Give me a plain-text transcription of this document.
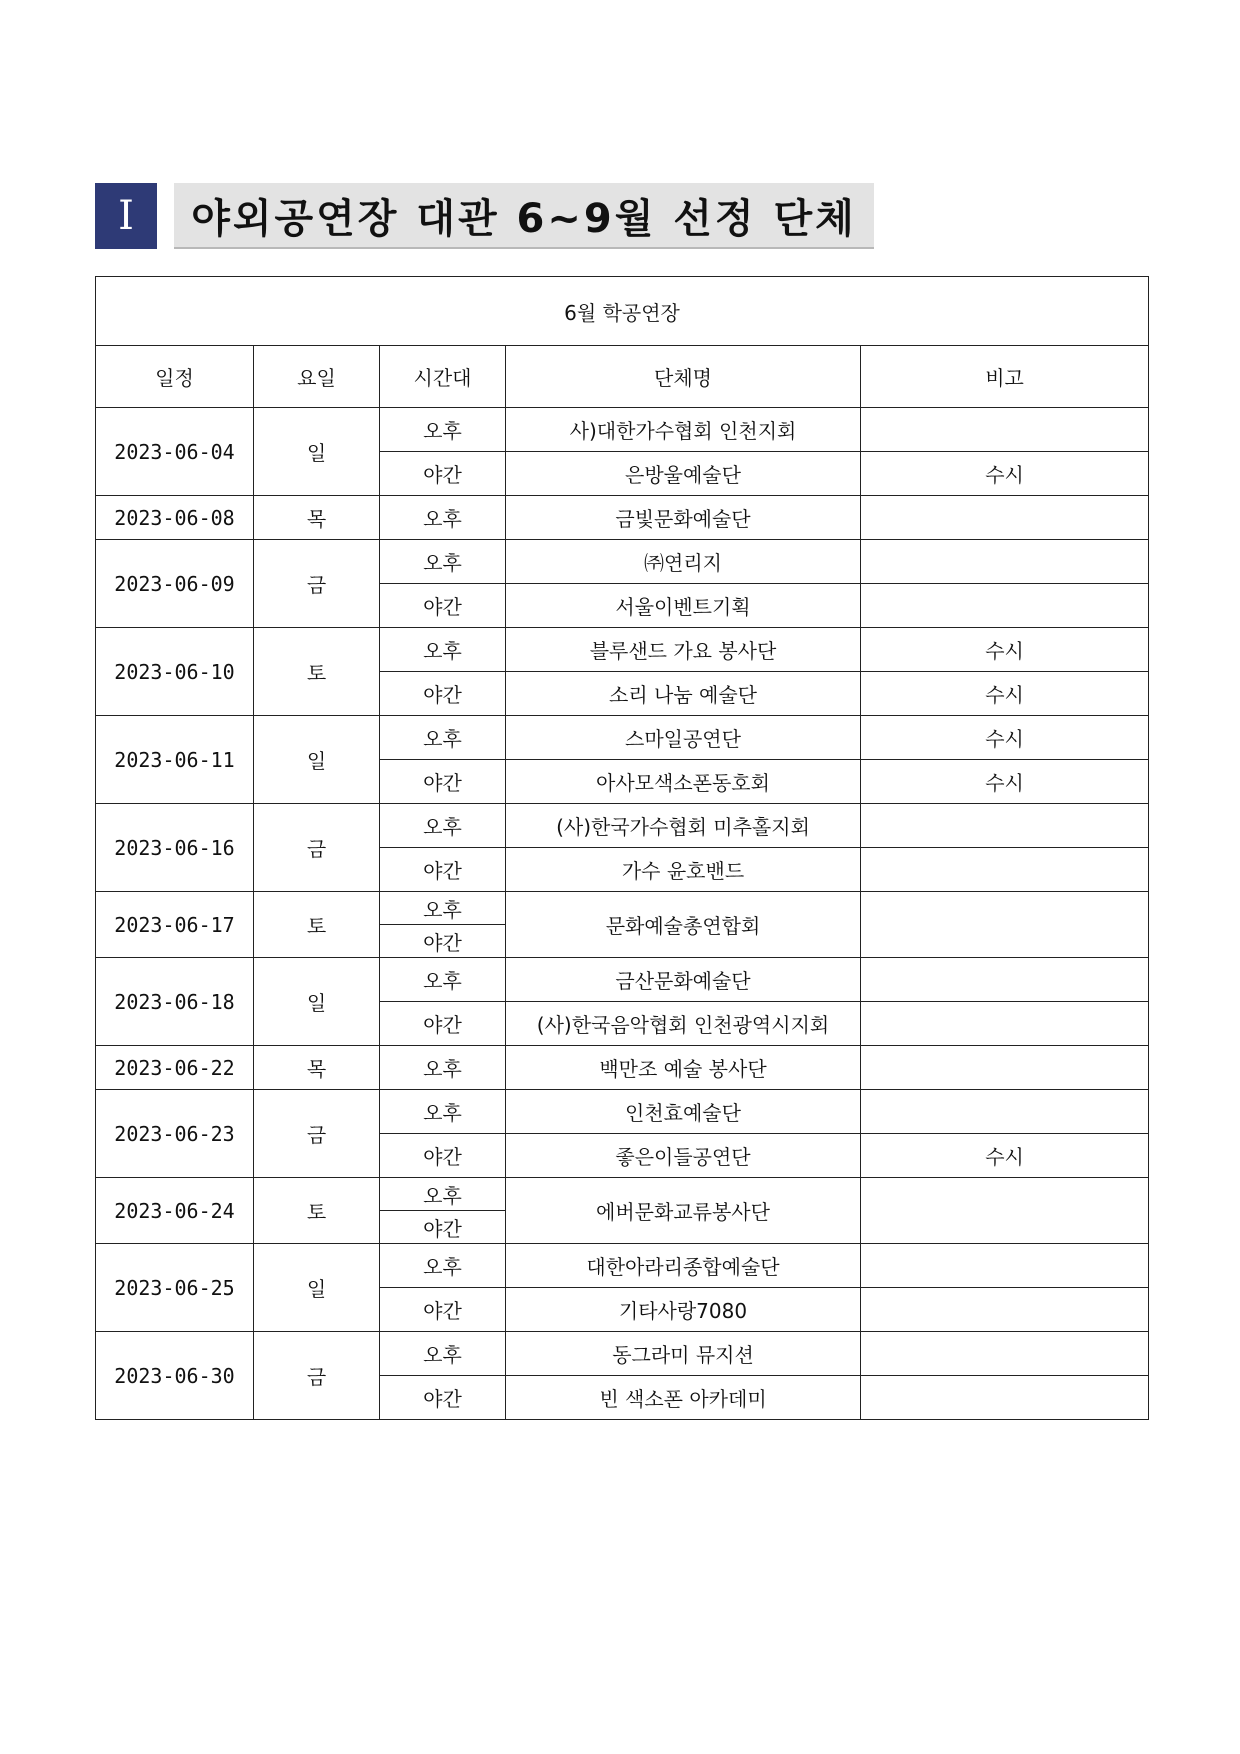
I	야외공연장 대관 6~9월 선정 단체
6월 학공연장				
일정	요일	시간대	단체명	비고
2023-06-04	일	오후	사)대한가수협회 인천지회	
		야간	은방울예술단	수시
2023-06-08	목	오후	금빛문화예술단	
2023-06-09	금	오후	㈜연리지	
		야간	서울이벤트기획	
2023-06-10	토	오후	블루샌드 가요 봉사단	수시
		야간	소리 나눔 예술단	수시
2023-06-11	일	오후	스마일공연단	수시
		야간	아사모색소폰동호회	수시
2023-06-16	금	오후	(사)한국가수협회 미추홀지회	
		야간	가수 윤호밴드	
2023-06-17	토	오후	문화예술총연합회	
		야간		
2023-06-18	일	오후	금산문화예술단	
		야간	(사)한국음악협회 인천광역시지회	
2023-06-22	목	오후	백만조 예술 봉사단	
2023-06-23	금	오후	인천효예술단	
		야간	좋은이들공연단	수시
2023-06-24	토	오후	에버문화교류봉사단	
		야간		
2023-06-25	일	오후	대한아라리종합예술단	
		야간	기타사랑7080	
2023-06-30	금	오후	동그라미 뮤지션	
		야간	빈 색소폰 아카데미	
